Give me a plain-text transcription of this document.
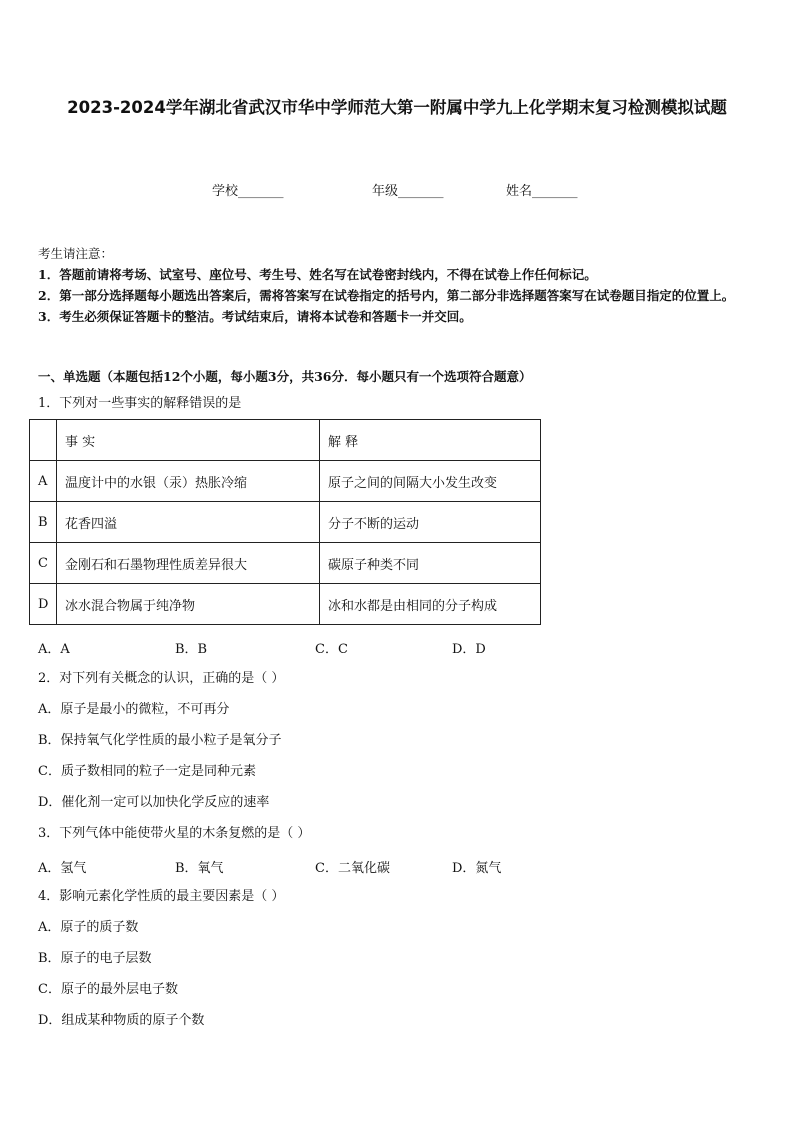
2023-2024学年湖北省武汉市华中学师范大第一附属中学九上化学期末复习检测模拟试题
学校_______	年级_______	姓名_______

考生请注意：

1．答题前请将考场、试室号、座位号、考生号、姓名写在试卷密封线内，不得在试卷上作任何标记。

2．第一部分选择题每小题选出答案后，需将答案写在试卷指定的括号内，第二部分非选择题答案写在试卷题目指定的位置上。

3．考生必须保证答题卡的整洁。考试结束后，请将本试卷和答题卡一并交回。

一、单选题（本题包括12个小题，每小题3分，共36分．每小题只有一个选项符合题意）
1．下列对一些事实的解释错误的是
	事 实	解 释
A	温度计中的水银（汞）热胀冷缩	原子之间的间隔大小发生改变
B	花香四溢	分子不断的运动
C	金刚石和石墨物理性质差异很大	碳原子种类不同
D	冰水混合物属于纯净物	冰和水都是由相同的分子构成
A．A	B．B	C．C	D．D
2．对下列有关概念的认识，正确的是（ ）
A．原子是最小的微粒，不可再分
B．保持氧气化学性质的最小粒子是氧分子
C．质子数相同的粒子一定是同种元素
D．催化剂一定可以加快化学反应的速率
3．下列气体中能使带火星的木条复燃的是（ ）
A．氢气	B．氧气	C．二氧化碳	D．氮气
4．影响元素化学性质的最主要因素是（ ）
A．原子的质子数
B．原子的电子层数
C．原子的最外层电子数
D．组成某种物质的原子个数
